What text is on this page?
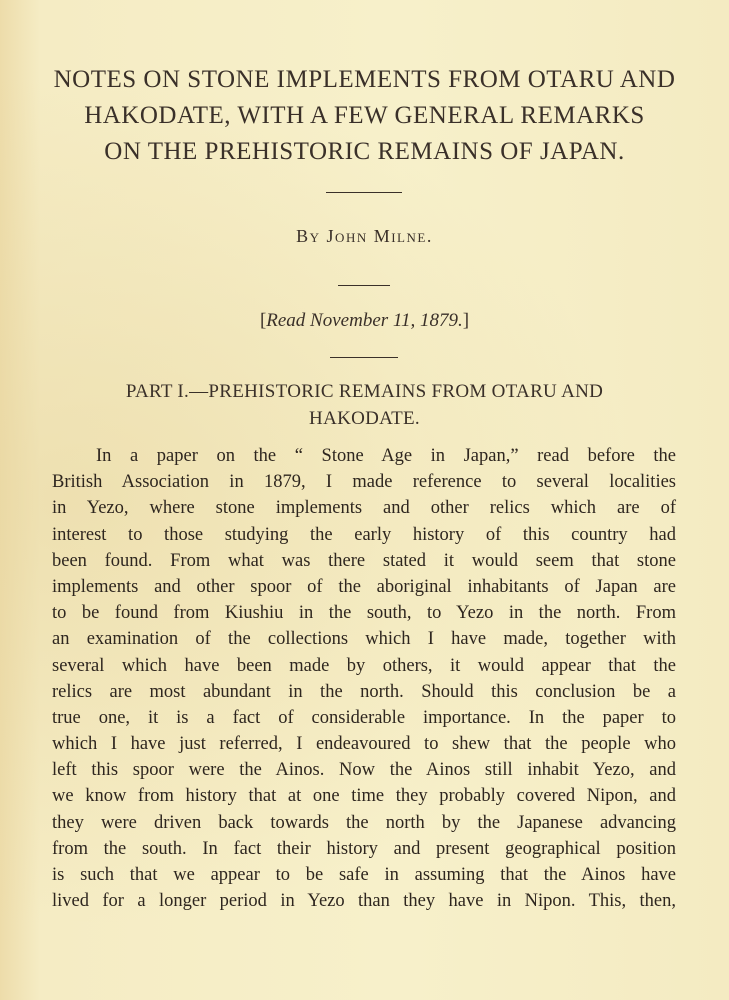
NOTES ON STONE IMPLEMENTS FROM OTARU AND
HAKODATE, WITH A FEW GENERAL REMARKS
ON THE PREHISTORIC REMAINS OF JAPAN.
By John Milne.
[Read November 11, 1879.]
PART I.—PREHISTORIC REMAINS FROM OTARU AND
HAKODATE.
In a paper on the “ Stone Age in Japan,” read before the
British Association in 1879, I made reference to several localities
in Yezo, where stone implements and other relics which are of
interest to those studying the early history of this country had
been found. From what was there stated it would seem that stone
implements and other spoor of the aboriginal inhabitants of Japan are
to be found from Kiushiu in the south, to Yezo in the north. From
an examination of the collections which I have made, together with
several which have been made by others, it would appear that the
relics are most abundant in the north. Should this conclusion be a
true one, it is a fact of considerable importance. In the paper to
which I have just referred, I endeavoured to shew that the people who
left this spoor were the Ainos. Now the Ainos still inhabit Yezo, and
we know from history that at one time they probably covered Nipon, and
they were driven back towards the north by the Japanese advancing
from the south. In fact their history and present geographical position
is such that we appear to be safe in assuming that the Ainos have
lived for a longer period in Yezo than they have in Nipon. This, then,
